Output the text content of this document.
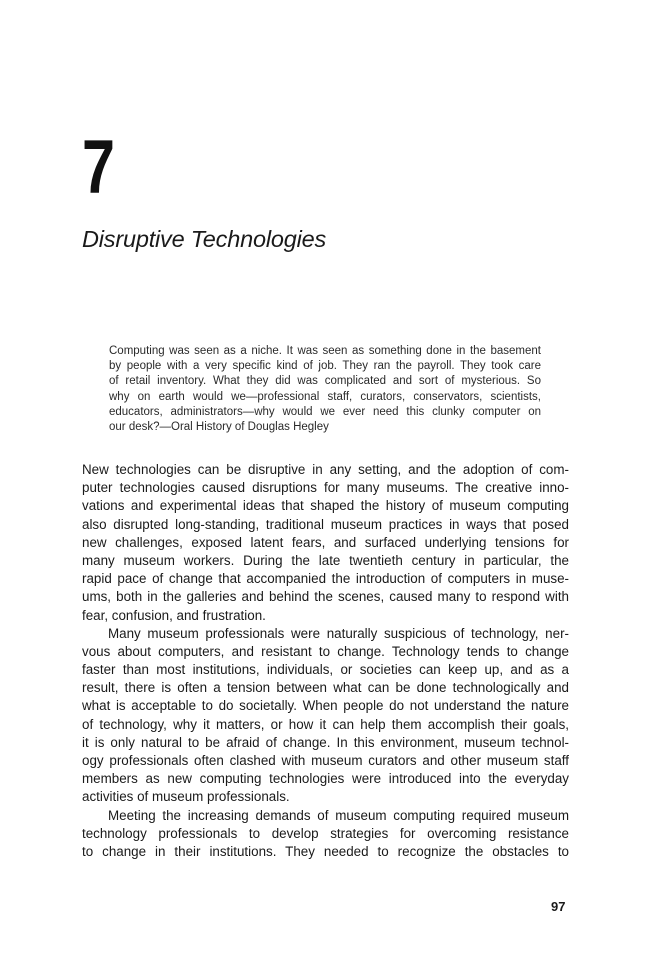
7
Disruptive Technologies
Computing was seen as a niche. It was seen as something done in the basement
by people with a very specific kind of job. They ran the payroll. They took care
of retail inventory. What they did was complicated and sort of mysterious. So
why on earth would we—professional staff, curators, conservators, scientists,
educators, administrators—why would we ever need this clunky computer on
our desk?—Oral History of Douglas Hegley
New technologies can be disruptive in any setting, and the adoption of com-
puter technologies caused disruptions for many museums. The creative inno-
vations and experimental ideas that shaped the history of museum computing
also disrupted long-standing, traditional museum practices in ways that posed
new challenges, exposed latent fears, and surfaced underlying tensions for
many museum workers. During the late twentieth century in particular, the
rapid pace of change that accompanied the introduction of computers in muse-
ums, both in the galleries and behind the scenes, caused many to respond with
fear, confusion, and frustration.
Many museum professionals were naturally suspicious of technology, ner-
vous about computers, and resistant to change. Technology tends to change
faster than most institutions, individuals, or societies can keep up, and as a
result, there is often a tension between what can be done technologically and
what is acceptable to do societally. When people do not understand the nature
of technology, why it matters, or how it can help them accomplish their goals,
it is only natural to be afraid of change. In this environment, museum technol-
ogy professionals often clashed with museum curators and other museum staff
members as new computing technologies were introduced into the everyday
activities of museum professionals.
Meeting the increasing demands of museum computing required museum
technology professionals to develop strategies for overcoming resistance
to change in their institutions. They needed to recognize the obstacles to
97
